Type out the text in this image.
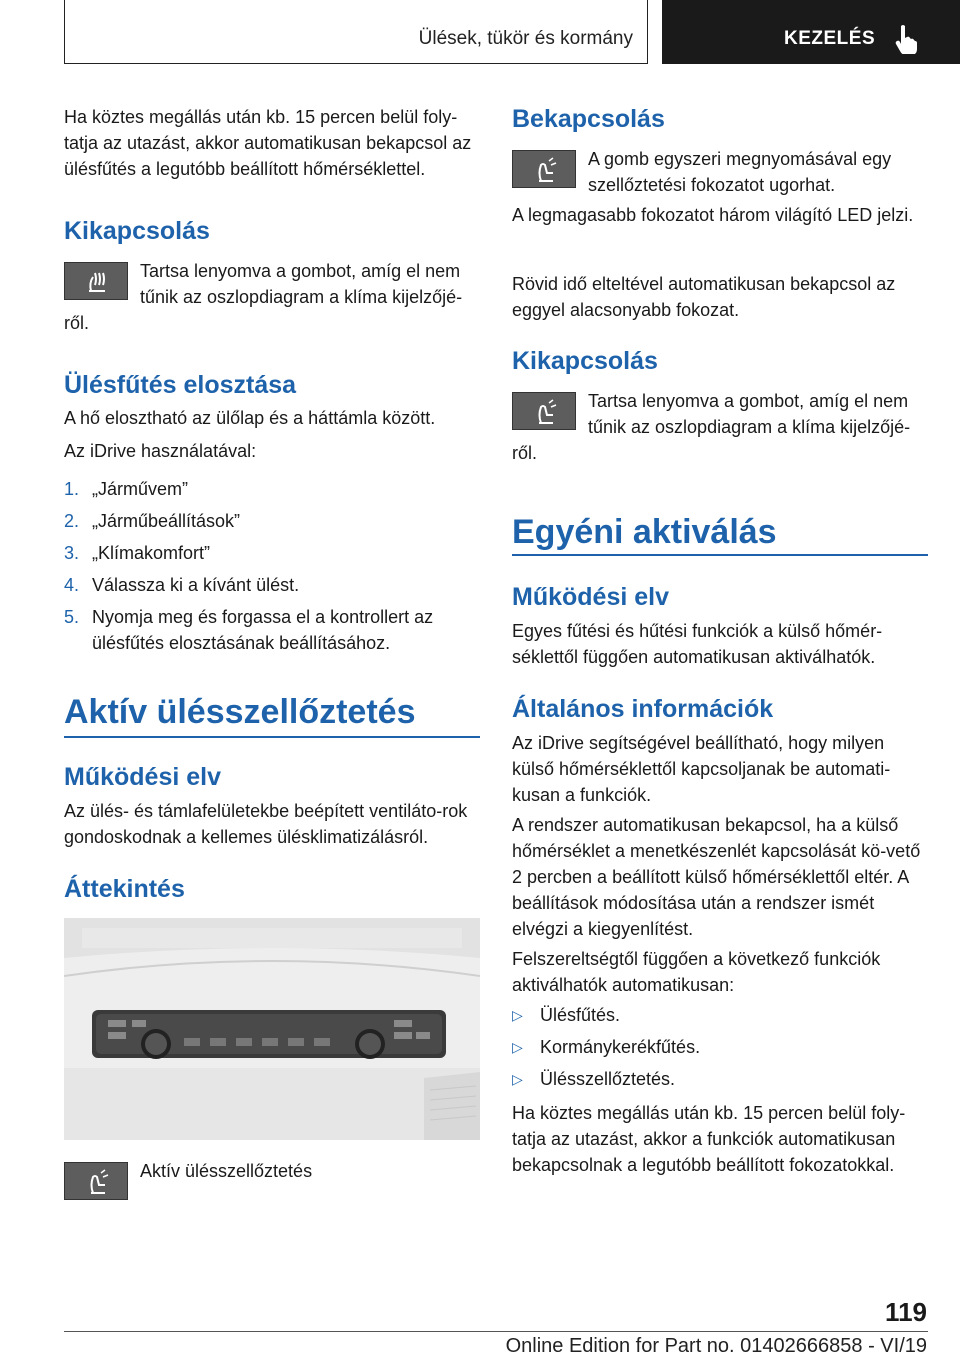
Ülések, tükör és kormány	KEZELÉS

Ha köztes megállás után kb. 15 percen belül foly-tatja az utazást, akkor automatikusan bekapcsol az ülésfűtés a legutóbb beállított hőmérséklettel.

Kikapcsolás

Tartsa lenyomva a gombot, amíg el nem tűnik az oszlopdiagram a klíma kijelzőjé-

ről.

Ülésfűtés elosztása

A hő elosztható az ülőlap és a háttámla között.

Az iDrive használatával:

1. „Járművem”
2. „Járműbeállítások”
3. „Klímakomfort”
4. Válassza ki a kívánt ülést.
5. Nyomja meg és forgassa el a kontrollert az ülésfűtés elosztásának beállításához.
Aktív ülésszellőztetés
Működési elv

Az ülés- és támlafelületekbe beépített ventiláto-rok gondoskodnak a kellemes ülésklimatizálásról.

Áttekintés

Aktív ülésszellőztetés

Bekapcsolás

A gomb egyszeri megnyomásával egy szellőztetési fokozatot ugorhat.

A legmagasabb fokozatot három világító LED jelzi.

Rövid idő elteltével automatikusan bekapcsol az eggyel alacsonyabb fokozat.

Kikapcsolás

Tartsa lenyomva a gombot, amíg el nem tűnik az oszlopdiagram a klíma kijelzőjé-

ről.

Egyéni aktiválás
Működési elv

Egyes fűtési és hűtési funkciók a külső hőmér-séklettől függően automatikusan aktiválhatók.

Általános információk

Az iDrive segítségével beállítható, hogy milyen külső hőmérséklettől kapcsoljanak be automati-kusan a funkciók.

A rendszer automatikusan bekapcsol, ha a külső hőmérséklet a menetkészenlét kapcsolását kö-vető 2 percben a beállított külső hőmérséklettől eltér. A beállítások módosítása után a rendszer ismét elvégzi a kiegyenlítést.

Felszereltségtől függően a következő funkciók aktiválhatók automatikusan:

▷ Ülésfűtés.
▷ Kormánykerékfűtés.
▷ Ülésszellőztetés.

Ha köztes megállás után kb. 15 percen belül foly-tatja az utazást, akkor a funkciók automatikusan bekapcsolnak a legutóbb beállított fokozatokkal.

119
Online Edition for Part no. 01402666858 - VI/19
